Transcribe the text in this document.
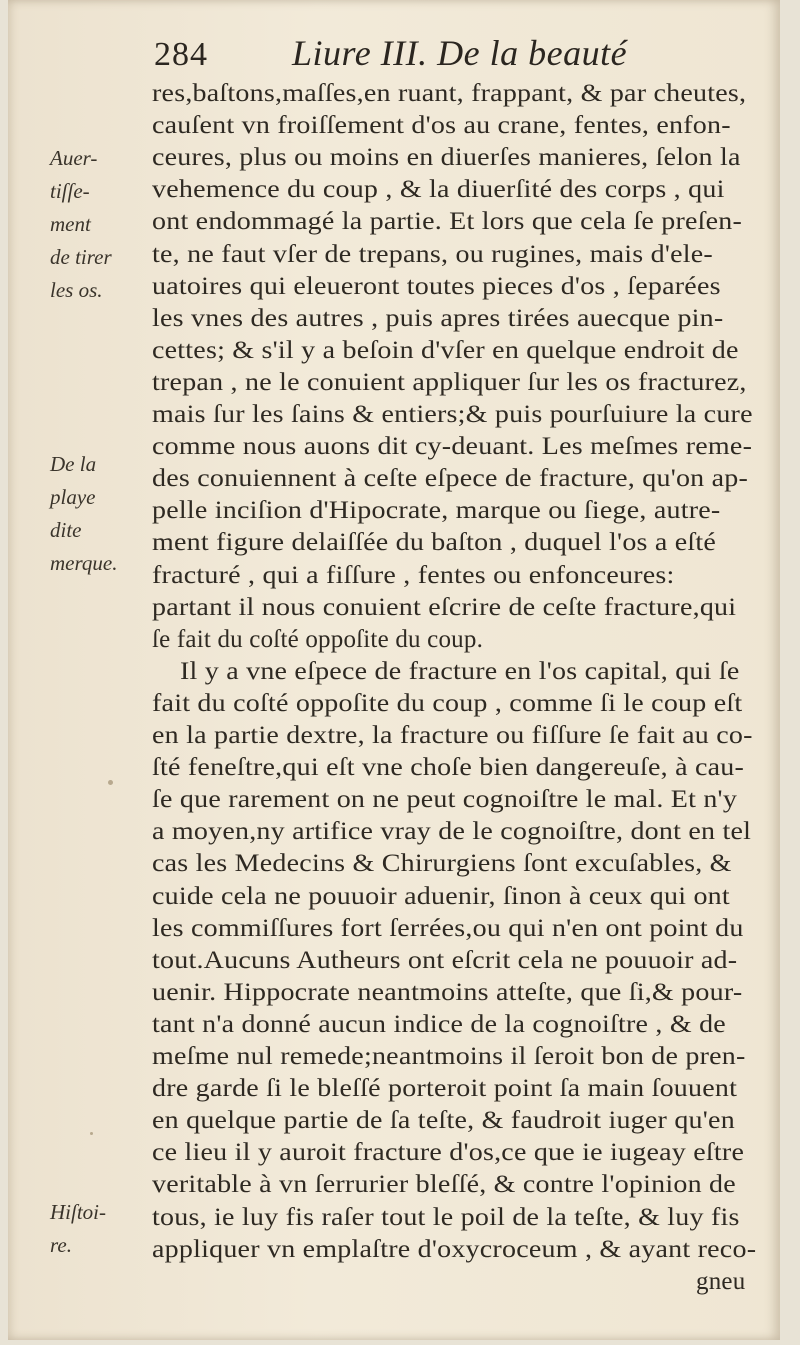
284 Liure III. De la beauté
Auer-
tiſſe-
ment
de tirer
les os.
De la
playe
dite
merque.
Hiſtoi-
re.
res,baſtons,maſſes,en ruant, frappant, & par cheutes,
cauſent vn froiſſement d'os au crane, fentes, enfon-
ceures, plus ou moins en diuerſes manieres, ſelon la
vehemence du coup , & la diuerſité des corps , qui
ont endommagé la partie. Et lors que cela ſe preſen-
te, ne faut vſer de trepans, ou rugines, mais d'ele-
uatoires qui eleueront toutes pieces d'os , ſeparées
les vnes des autres , puis apres tirées auecque pin-
cettes; & s'il y a beſoin d'vſer en quelque endroit de
trepan , ne le conuient appliquer ſur les os fracturez,
mais ſur les ſains & entiers;& puis pourſuiure la cure
comme nous auons dit cy-deuant. Les meſmes reme-
des conuiennent à ceſte eſpece de fracture, qu'on ap-
pelle inciſion d'Hipocrate, marque ou ſiege, autre-
ment figure delaiſſée du baſton , duquel l'os a eſté
fracturé , qui a fiſſure , fentes ou enfonceures:
partant il nous conuient eſcrire de ceſte fracture,qui
ſe fait du coſté oppoſite du coup.
Il y a vne eſpece de fracture en l'os capital, qui ſe
fait du coſté oppoſite du coup , comme ſi le coup eſt
en la partie dextre, la fracture ou fiſſure ſe fait au co-
ſté feneſtre,qui eſt vne choſe bien dangereuſe, à cau-
ſe que rarement on ne peut cognoiſtre le mal. Et n'y
a moyen,ny artifice vray de le cognoiſtre, dont en tel
cas les Medecins & Chirurgiens ſont excuſables, &
cuide cela ne pouuoir aduenir, ſinon à ceux qui ont
les commiſſures fort ſerrées,ou qui n'en ont point du
tout.Aucuns Autheurs ont eſcrit cela ne pouuoir ad-
uenir. Hippocrate neantmoins atteſte, que ſi,& pour-
tant n'a donné aucun indice de la cognoiſtre , & de
meſme nul remede;neantmoins il ſeroit bon de pren-
dre garde ſi le bleſſé porteroit point ſa main ſouuent
en quelque partie de ſa teſte, & faudroit iuger qu'en
ce lieu il y auroit fracture d'os,ce que ie iugeay eſtre
veritable à vn ſerrurier bleſſé, & contre l'opinion de
tous, ie luy fis raſer tout le poil de la teſte, & luy fis
appliquer vn emplaſtre d'oxycroceum , & ayant reco-
gneu
